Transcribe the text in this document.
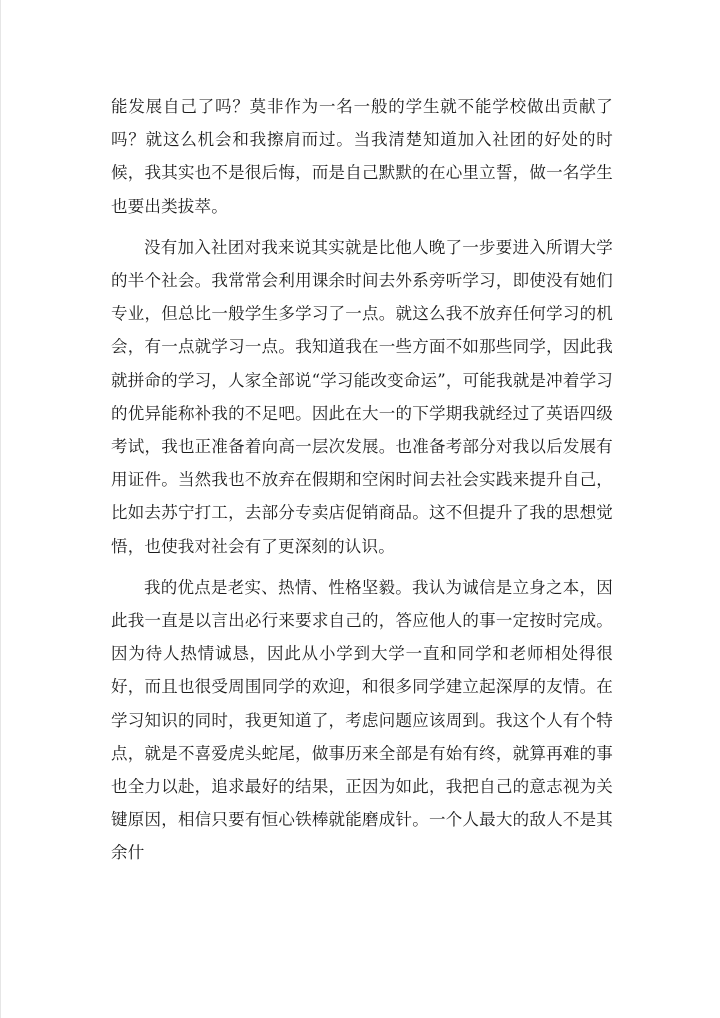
能发展自己了吗？莫非作为一名一般的学生就不能学校做出贡献了吗？就这么机会和我擦肩而过。当我清楚知道加入社团的好处的时候，我其实也不是很后悔，而是自己默默的在心里立誓，做一名学生也要出类拔萃。

没有加入社团对我来说其实就是比他人晚了一步要进入所谓大学的半个社会。我常常会利用课余时间去外系旁听学习，即使没有她们专业，但总比一般学生多学习了一点。就这么我不放弃任何学习的机会，有一点就学习一点。我知道我在一些方面不如那些同学，因此我就拼命的学习，人家全部说“学习能改变命运”，可能我就是冲着学习的优异能称补我的不足吧。因此在大一的下学期我就经过了英语四级考试，我也正准备着向高一层次发展。也准备考部分对我以后发展有用证件。当然我也不放弃在假期和空闲时间去社会实践来提升自己，比如去苏宁打工，去部分专卖店促销商品。这不但提升了我的思想觉悟，也使我对社会有了更深刻的认识。

我的优点是老实、热情、性格坚毅。我认为诚信是立身之本，因此我一直是以言出必行来要求自己的，答应他人的事一定按时完成。因为待人热情诚恳，因此从小学到大学一直和同学和老师相处得很好，而且也很受周围同学的欢迎，和很多同学建立起深厚的友情。在学习知识的同时，我更知道了，考虑问题应该周到。我这个人有个特点，就是不喜爱虎头蛇尾，做事历来全部是有始有终，就算再难的事也全力以赴，追求最好的结果，正因为如此，我把自己的意志视为关键原因，相信只要有恒心铁棒就能磨成针。一个人最大的敌人不是其余什
